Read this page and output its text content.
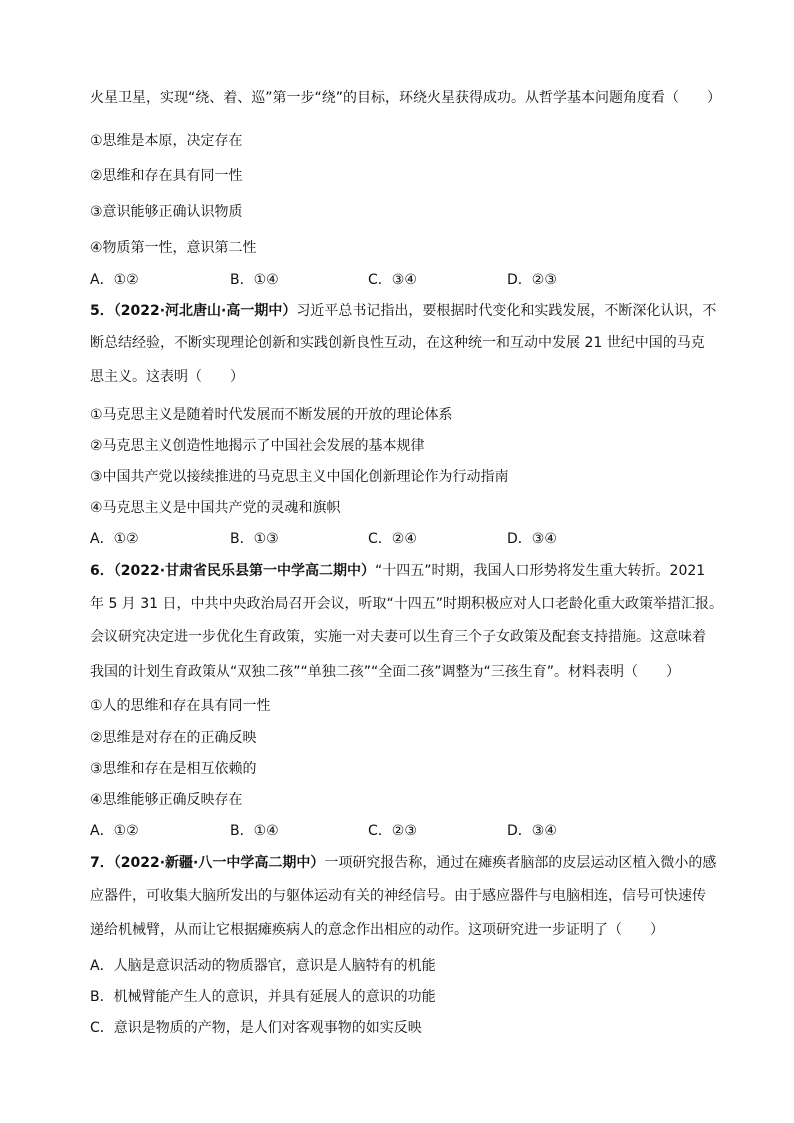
火星卫星，实现“绕、着、巡”第一步“绕”的目标，环绕火星获得成功。从哲学基本问题角度看（　　）
①思维是本原，决定存在
②思维和存在具有同一性
③意识能够正确认识物质
④物质第一性，意识第二性
A．①②	B．①④	C．③④	D．②③
5．（2022·河北唐山·高一期中）习近平总书记指出，要根据时代变化和实践发展，不断深化认识，不
断总结经验，不断实现理论创新和实践创新良性互动，在这种统一和互动中发展 21 世纪中国的马克
思主义。这表明（　　）
①马克思主义是随着时代发展而不断发展的开放的理论体系
②马克思主义创造性地揭示了中国社会发展的基本规律
③中国共产党以接续推进的马克思主义中国化创新理论作为行动指南
④马克思主义是中国共产党的灵魂和旗帜
A．①②	B．①③	C．②④	D．③④
6．（2022·甘肃省民乐县第一中学高二期中）“十四五”时期，我国人口形势将发生重大转折。2021
年 5 月 31 日，中共中央政治局召开会议，听取“十四五”时期积极应对人口老龄化重大政策举措汇报。
会议研究决定进一步优化生育政策，实施一对夫妻可以生育三个子女政策及配套支持措施。这意味着
我国的计划生育政策从“双独二孩”“单独二孩”“全面二孩”调整为“三孩生育”。材料表明（　　）
①人的思维和存在具有同一性
②思维是对存在的正确反映
③思维和存在是相互依赖的
④思维能够正确反映存在
A．①②	B．①④	C．②③	D．③④
7．（2022·新疆·八一中学高二期中）一项研究报告称，通过在瘫痪者脑部的皮层运动区植入微小的感
应器件，可收集大脑所发出的与躯体运动有关的神经信号。由于感应器件与电脑相连，信号可快速传
递给机械臂，从而让它根据瘫痪病人的意念作出相应的动作。这项研究进一步证明了（　　）
A．人脑是意识活动的物质器官，意识是人脑特有的机能
B．机械臂能产生人的意识，并具有延展人的意识的功能
C．意识是物质的产物，是人们对客观事物的如实反映
